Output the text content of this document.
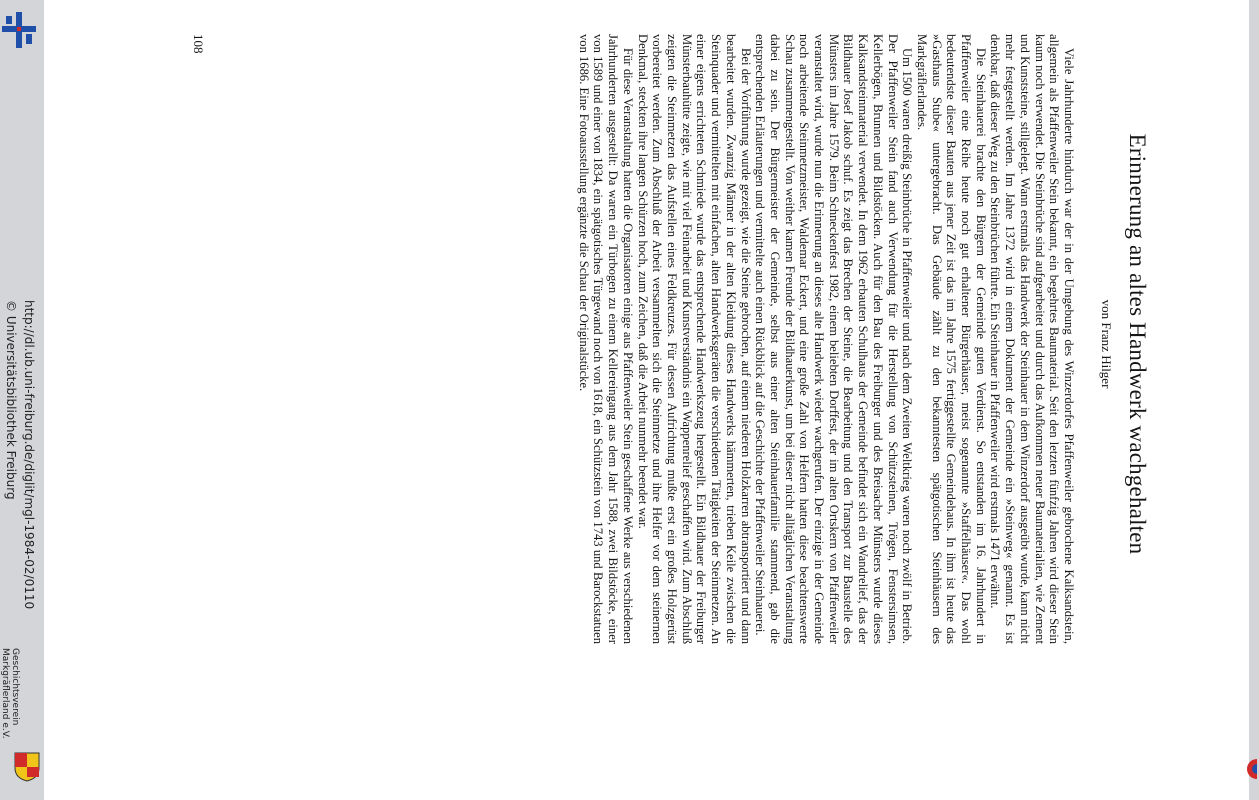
Erinnerung an altes Handwerk wachgehalten
von Franz Hilger

Viele Jahrhunderte hindurch war der in der Umgebung des Winzerdorfes Pfaffenweiler gebrochene Kalksandstein, allgemein als Pfaffenweiler Stein bekannt, ein begehrtes Baumaterial. Seit den letzten fünfzig Jahren wird dieser Stein kaum noch verwendet. Die Steinbrüche sind aufgearbeitet und durch das Aufkommen neuer Baumaterialien, wie Zement und Kunststeine, stillgelegt. Wann erstmals das Handwerk der Steinhauer in dem Winzerdorf ausgeübt wurde, kann nicht mehr festgestellt werden. Im Jahre 1372 wird in einem Dokument der Gemeinde ein »Steinweg« genannt. Es ist denkbar, daß dieser Weg zu den Steinbrüchen führte. Ein Steinhauer in Pfaffenweiler wird erstmals 1471 erwähnt.

Die Steinhauerei brachte den Bürgern der Gemeinde guten Verdienst. So entstanden im 16. Jahrhundert in Pfaffenweiler eine Reihe heute noch gut erhaltener Bürgerhäuser, meist sogenannte »Staffelhäuser«. Das wohl bedeutendste dieser Bauten aus jener Zeit ist das im Jahre 1575 fertiggestellte Gemeindehaus. In ihm ist heute das »Gasthaus Stube« untergebracht. Das Gebäude zählt zu den bekanntesten spätgotischen Steinhäusern des Markgräflerlandes.

Um 1500 waren dreißig Steinbrüche in Pfaffenweiler und nach dem Zweiten Weltkrieg waren noch zwölf in Betrieb. Der Pfaffenweiler Stein fand auch Verwendung für die Herstellung von Schützsteinen, Trögen, Fenstersimsen, Kellerbögen, Brunnen und Bildstöcken. Auch für den Bau des Freiburger und des Breisacher Münsters wurde dieses Kalksandsteinmaterial verwendet. In dem 1962 erbauten Schulhaus der Gemeinde befindet sich ein Wandrelief, das der Bildhauer Josef Jakob schuf. Es zeigt das Brechen der Steine, die Bearbeitung und den Transport zur Baustelle des Münsters im Jahre 1579. Beim Schneckenfest 1982, einem beliebten Dorffest, der im alten Ortskern von Pfaffenweiler veranstaltet wird, wurde nun die Erinnerung an dieses alte Handwerk wieder wachgerufen. Der einzige in der Gemeinde noch arbeitende Steinmetzmeister, Waldemar Eckert, und eine große Zahl von Helfern hatten diese beachtenswerte Schau zusammengestellt. Von weither kamen Freunde der Bildhauerkunst, um bei dieser nicht alltäglichen Veranstaltung dabei zu sein. Der Bürgermeister der Gemeinde, selbst aus einer alten Steinhauerfamilie stammend, gab die entsprechenden Erläuterungen und vermittelte auch einen Rückblick auf die Geschichte der Pfaffenweiler Steinhauerei.

Bei der Vorführung wurde gezeigt, wie die Steine gebrochen, auf einem niederen Holzkarren abtransportiert und dann bearbeitet wurden. Zwanzig Männer in der alten Kleidung dieses Handwerks hämmerten, trieben Keile zwischen die Steinquader und vermittelten mit einfachen, alten Handwerksgeräten die verschiedenen Tätigkeiten der Steinmetzen. An einer eigens errichteten Schmiede wurde das entsprechende Handwerkszeug hergestellt. Ein Bildhauer der Freiburger Münsterbauhütte zeigte, wie mit viel Feinarbeit und Kunstverständnis ein Wappenrelief geschaffen wird. Zum Abschluß zeigten die Steinmetzen das Aufstellen eines Feldkreuzes. Für dessen Aufrichtung mußte erst ein großes Holzgerüst vorbereitet werden. Zum Abschluß der Arbeit versammelten sich die Steinmetze und ihre Helfer vor dem steinernen Denkmal, steckten ihre langen Schürzen hoch, zum Zeichen, daß die Arbeit nunmehr beendet war.

Für diese Veranstaltung hatten die Organisatoren einige aus Pfaffenweiler Stein geschaffene Werke aus verschiedenen Jahrhunderten ausgestellt: Da waren ein Türbogen zu einem Kellereingang aus dem Jahr 1588, zwei Bildstöcke, einer von 1589 und einer von 1834, ein spätgotisches Türgewand noch von 1618, ein Schützstein von 1743 und Barockstatuen von 1686. Eine Fotoausstellung ergänzte die Schau der Originalstücke.

108
http://dl.ub.uni-freiburg.de/diglit/mgl-1984-02/0110
© Universitätsbibliothek Freiburg
Geschichtsverein
Markgräflerland e.V.
